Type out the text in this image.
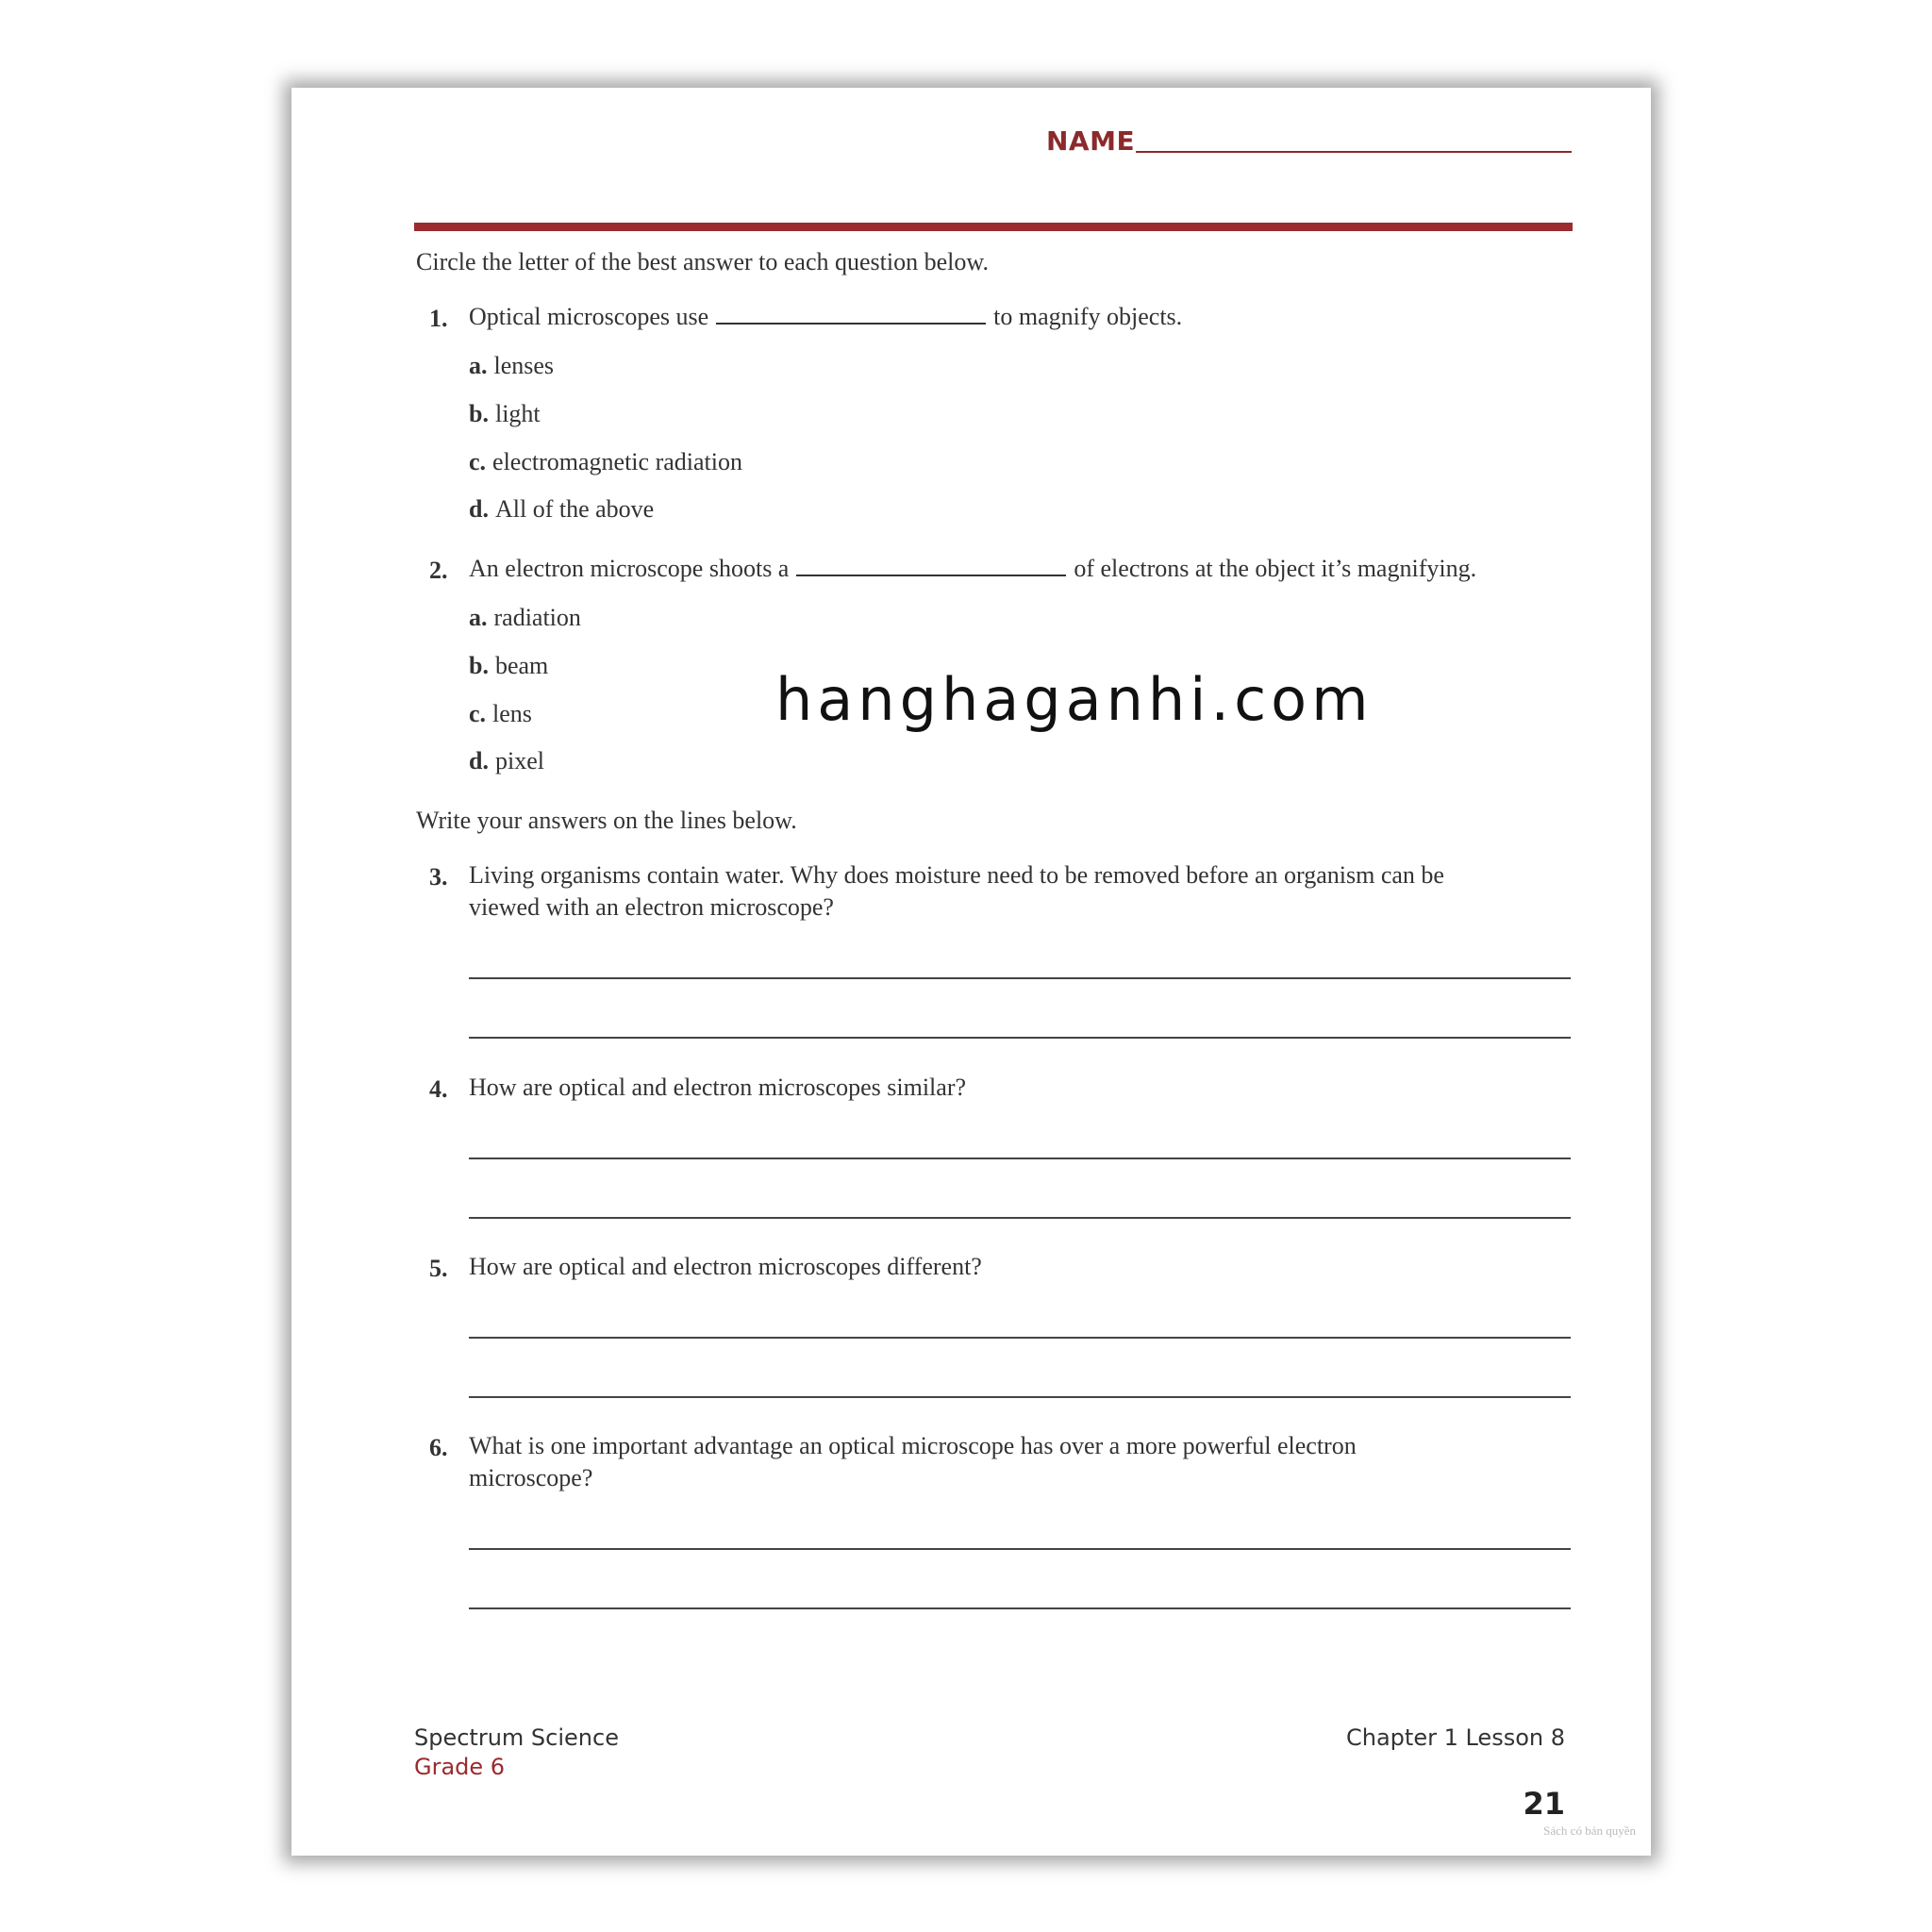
NAME
Circle the letter of the best answer to each question below.
1. Optical microscopes use	to magnify objects.
a. lenses
b. light
c. electromagnetic radiation
d. All of the above
2. An electron microscope shoots a	of electrons at the object it’s magnifying.
a. radiation
b. beam
c. lens
d. pixel
Write your answers on the lines below.
3. Living organisms contain water. Why does moisture need to be removed before an organism can be
viewed with an electron microscope?
4. How are optical and electron microscopes similar?
5. How are optical and electron microscopes different?
6. What is one important advantage an optical microscope has over a more powerful electron
microscope?
Spectrum Science
Grade 6
Chapter 1 Lesson 8
21
Sách có bản quyền
hanghaganhi.com
